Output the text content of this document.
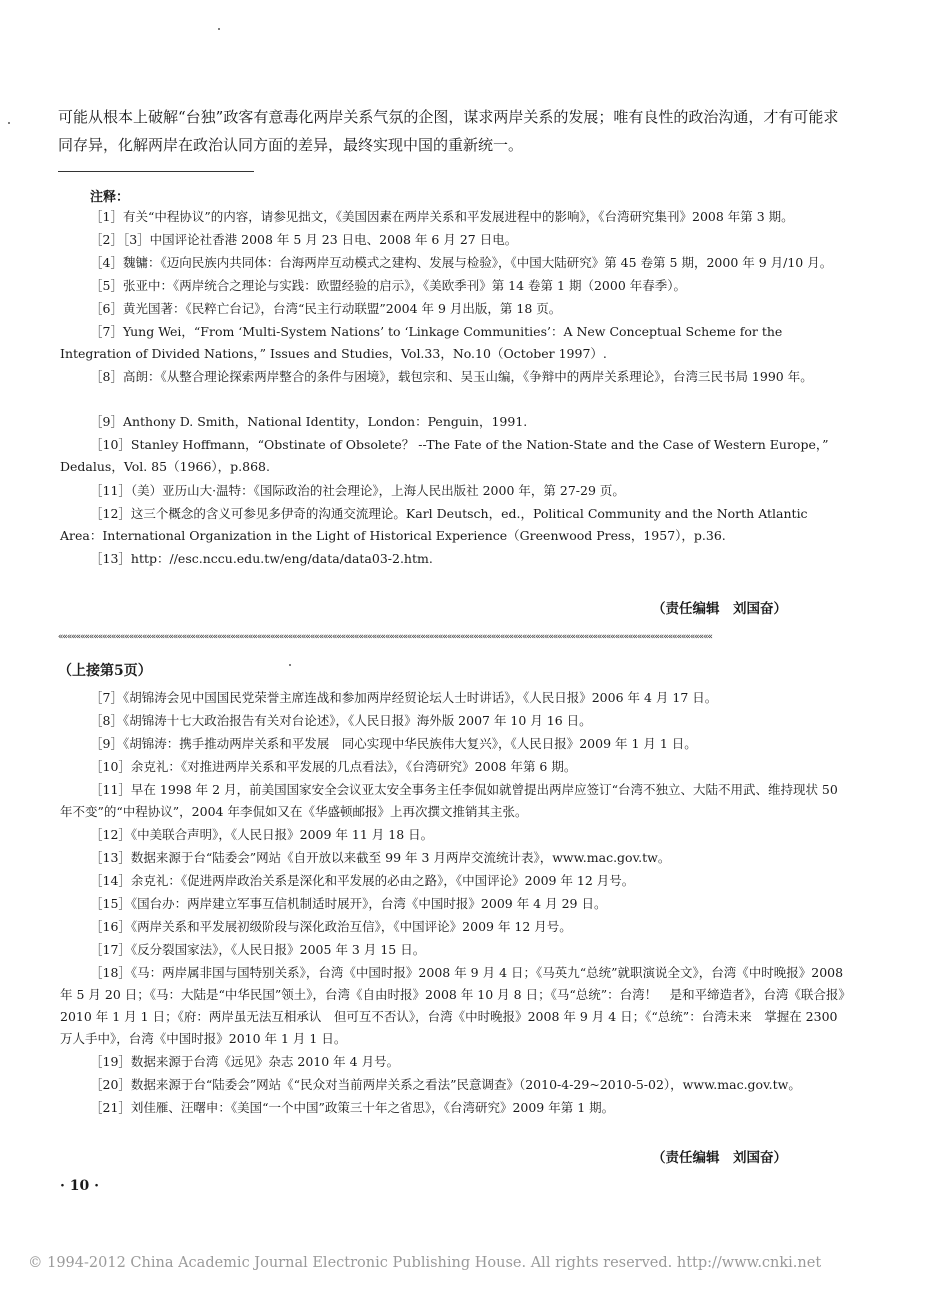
可能从根本上破解“台独”政客有意毒化两岸关系气氛的企图，谋求两岸关系的发展；唯有良性的政治沟通，才有可能求同存异，化解两岸在政治认同方面的差异，最终实现中国的重新统一。
注释：
［1］有关“中程协议”的内容，请参见拙文，《美国因素在两岸关系和平发展进程中的影响》，《台湾研究集刊》2008 年第 3 期。
［2］［3］中国评论社香港 2008 年 5 月 23 日电、2008 年 6 月 27 日电。
［4］魏镛：《迈向民族内共同体：台海两岸互动模式之建构、发展与检验》，《中国大陆研究》第 45 卷第 5 期，2000 年 9 月/10 月。
［5］张亚中：《两岸统合之理论与实践：欧盟经验的启示》，《美欧季刊》第 14 卷第 1 期（2000 年春季）。
［6］黄光国著：《民粹亡台记》，台湾“民主行动联盟”2004 年 9 月出版，第 18 页。
［7］Yung Wei，“From ‘Multi-System Nations’ to ‘Linkage Communities’：A New Conceptual Scheme for the Integration of Divided Nations，” Issues and Studies，Vol.33，No.10（October 1997）.
［8］高朗：《从整合理论探索两岸整合的条件与困境》，载包宗和、吴玉山编，《争辩中的两岸关系理论》，台湾三民书局 1990 年。
［9］Anthony D. Smith，National Identity，London：Penguin，1991.
［10］Stanley Hoffmann，“Obstinate of Obsolete？ --The Fate of the Nation-State and the Case of Western Europe，” Dedalus，Vol. 85（1966），p.868.
［11］（美）亚历山大·温特：《国际政治的社会理论》，上海人民出版社 2000 年，第 27-29 页。
［12］这三个概念的含义可参见多伊奇的沟通交流理论。Karl Deutsch，ed.，Political Community and the North Atlantic Area：International Organization in the Light of Historical Experience（Greenwood Press，1957），p.36.
［13］http：//esc.nccu.edu.tw/eng/data/data03-2.htm.
（责任编辑　刘国奋）
««««««««««««««««««««««««««««««««««««««««««««««««««««««««««««««««««««««««««««««««««««««««««««««««««««««««««««««««««««««««««««««««««««««««««««««««««««
（上接第5页）
［7］《胡锦涛会见中国国民党荣誉主席连战和参加两岸经贸论坛人士时讲话》，《人民日报》2006 年 4 月 17 日。
［8］《胡锦涛十七大政治报告有关对台论述》，《人民日报》海外版 2007 年 10 月 16 日。
［9］《胡锦涛：携手推动两岸关系和平发展　同心实现中华民族伟大复兴》，《人民日报》2009 年 1 月 1 日。
［10］余克礼：《对推进两岸关系和平发展的几点看法》，《台湾研究》2008 年第 6 期。
［11］早在 1998 年 2 月，前美国国家安全会议亚太安全事务主任李侃如就曾提出两岸应签订“台湾不独立、大陆不用武、维持现状 50 年不变”的“中程协议”，2004 年李侃如又在《华盛顿邮报》上再次撰文推销其主张。
［12］《中美联合声明》，《人民日报》2009 年 11 月 18 日。
［13］数据来源于台“陆委会”网站《自开放以来截至 99 年 3 月两岸交流统计表》，www.mac.gov.tw。
［14］余克礼：《促进两岸政治关系是深化和平发展的必由之路》，《中国评论》2009 年 12 月号。
［15］《国台办：两岸建立军事互信机制适时展开》，台湾《中国时报》2009 年 4 月 29 日。
［16］《两岸关系和平发展初级阶段与深化政治互信》，《中国评论》2009 年 12 月号。
［17］《反分裂国家法》，《人民日报》2005 年 3 月 15 日。
［18］《马：两岸属非国与国特别关系》，台湾《中国时报》2008 年 9 月 4 日；《马英九“总统”就职演说全文》，台湾《中时晚报》2008 年 5 月 20 日；《马：大陆是“中华民国”领土》，台湾《自由时报》2008 年 10 月 8 日；《马“总统”：台湾！　是和平缔造者》，台湾《联合报》2010 年 1 月 1 日；《府：两岸虽无法互相承认　但可互不否认》，台湾《中时晚报》2008 年 9 月 4 日；《“总统”：台湾未来　掌握在 2300 万人手中》，台湾《中国时报》2010 年 1 月 1 日。
［19］数据来源于台湾《远见》杂志 2010 年 4 月号。
［20］数据来源于台“陆委会”网站《“民众对当前两岸关系之看法”民意调查》（2010-4-29~2010-5-02），www.mac.gov.tw。
［21］刘佳雁、汪曙申：《美国“一个中国”政策三十年之省思》，《台湾研究》2009 年第 1 期。
（责任编辑　刘国奋）
· 10 ·
© 1994-2012 China Academic Journal Electronic Publishing House. All rights reserved. http://www.cnki.net
